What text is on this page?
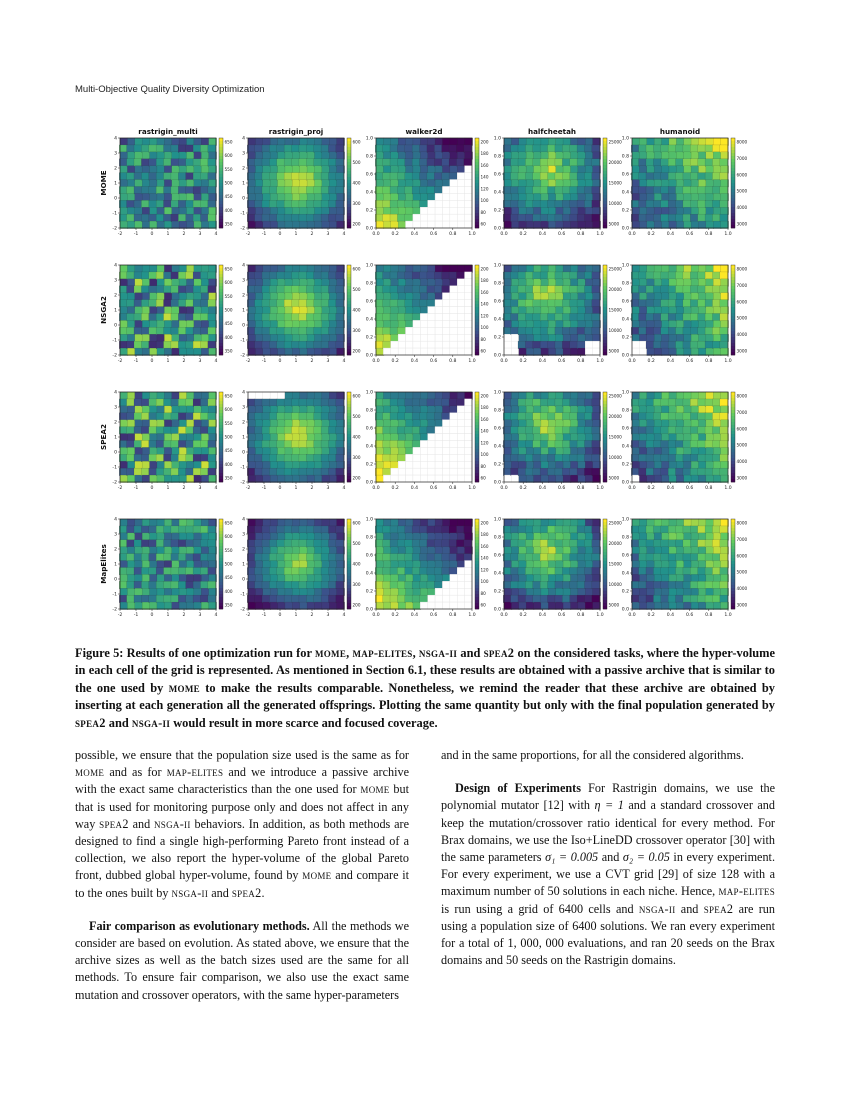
Multi-Objective Quality Diversity Optimization
rastrigin_multi	rastrigin_proj	walker2d	halfcheetah	humanoid
MOME
NSGA2
SPEA2
MapElites
4
3
2
1
0
-1
-2
-2 -1	0	1	2	3	4
650
600
550
500
450
400
350
4
3
2
1
0
-1
-2
-2 -1	0	1	2	3	4
600
500
400
300
200
1.0
0.8
0.6
0.4
0.2
0.0
0.0	0.2	0.4	0.6	0.8	1.0
200
180
160
140
120
100
80
60
1.0
0.8
0.6
0.4
0.2
0.0
0.0	0.2	0.4	0.6	0.8	1.0
25000
20000
15000
10000
5000
1.0
0.8
0.6
0.4
0.2
0.0
0.0	0.2	0.4	0.6	0.8	1.0
8000
7000
6000
5000
4000
3000
4
3
2
1
0
-1
-2
-2 -1	0	1	2	3	4
650
600
550
500
450
400
350
4
3
2
1
0
-1
-2
-2 -1	0	1	2	3	4
600
500
400
300
200
1.0
0.8
0.6
0.4
0.2
0.0
0.0	0.2	0.4	0.6	0.8	1.0
200
180
160
140
120
100
80
60
1.0
0.8
0.6
0.4
0.2
0.0
0.0	0.2	0.4	0.6	0.8	1.0
25000
20000
15000
10000
5000
1.0
0.8
0.6
0.4
0.2
0.0
0.0	0.2	0.4	0.6	0.8	1.0
8000
7000
6000
5000
4000
3000
4
3
2
1
0
-1
-2
-2 -1	0	1	2	3	4
650
600
550
500
450
400
350
4
3
2
1
0
-1
-2
-2 -1	0	1	2	3	4
600
500
400
300
200
1.0
0.8
0.6
0.4
0.2
0.0
0.0	0.2	0.4	0.6	0.8	1.0
200
180
160
140
120
100
80
60
1.0
0.8
0.6
0.4
0.2
0.0
0.0	0.2	0.4	0.6	0.8	1.0
25000
20000
15000
10000
5000
1.0
0.8
0.6
0.4
0.2
0.0
0.0	0.2	0.4	0.6	0.8	1.0
8000
7000
6000
5000
4000
3000
4
3
2
1
0
-1
-2
-2 -1	0	1	2	3	4
650
600
550
500
450
400
350
4
3
2
1
0
-1
-2
-2 -1	0	1	2	3	4
600
500
400
300
200
1.0
0.8
0.6
0.4
0.2
0.0
0.0	0.2	0.4	0.6	0.8	1.0
200
180
160
140
120
100
80
60
1.0
0.8
0.6
0.4
0.2
0.0
0.0	0.2	0.4	0.6	0.8	1.0
25000
20000
15000
10000
5000
1.0
0.8
0.6
0.4
0.2
0.0
0.0	0.2	0.4	0.6	0.8	1.0
8000
7000
6000
5000
4000
3000
Figure 5: Results of one optimization run for mome, map-elites, nsga-ii and spea2 on the considered tasks, where the hyper-volume in each cell of the grid is represented. As mentioned in Section 6.1, these results are obtained with a passive archive that is similar to the one used by mome to make the results comparable. Nonetheless, we remind the reader that these archive are obtained by inserting at each generation all the generated offsprings. Plotting the same quantity but only with the final population generated by spea2 and nsga-ii would result in more scarce and focused coverage.

possible, we ensure that the population size used is the same as for mome and as for map-elites and we introduce a passive archive with the exact same characteristics than the one used for mome but that is used for monitoring purpose only and does not affect in any way spea2 and nsga-ii behaviors. In addition, as both methods are designed to find a single high-performing Pareto front instead of a collection, we also report the hyper-volume of the global Pareto front, dubbed global hyper-volume, found by mome and compare it to the ones built by nsga-ii and spea2.

Fair comparison as evolutionary methods. All the methods we consider are based on evolution. As stated above, we ensure that the archive sizes as well as the batch sizes used are the same for all methods. To ensure fair comparison, we also use the exact same mutation and crossover operators, with the same hyper-parameters

and in the same proportions, for all the considered algorithms.

Design of Experiments For Rastrigin domains, we use the polynomial mutator [12] with η = 1 and a standard crossover and keep the mutation/crossover ratio identical for every method. For Brax domains, we use the Iso+LineDD crossover operator [30] with the same parameters σ₁ = 0.005 and σ₂ = 0.05 in every experiment. For every experiment, we use a CVT grid [29] of size 128 with a maximum number of 50 solutions in each niche. Hence, map-elites is run using a grid of 6400 cells and nsga-ii and spea2 are run using a population size of 6400 solutions. We ran every experiment for a total of 1, 000, 000 evaluations, and ran 20 seeds on the Brax domains and 50 seeds on the Rastrigin domains.
